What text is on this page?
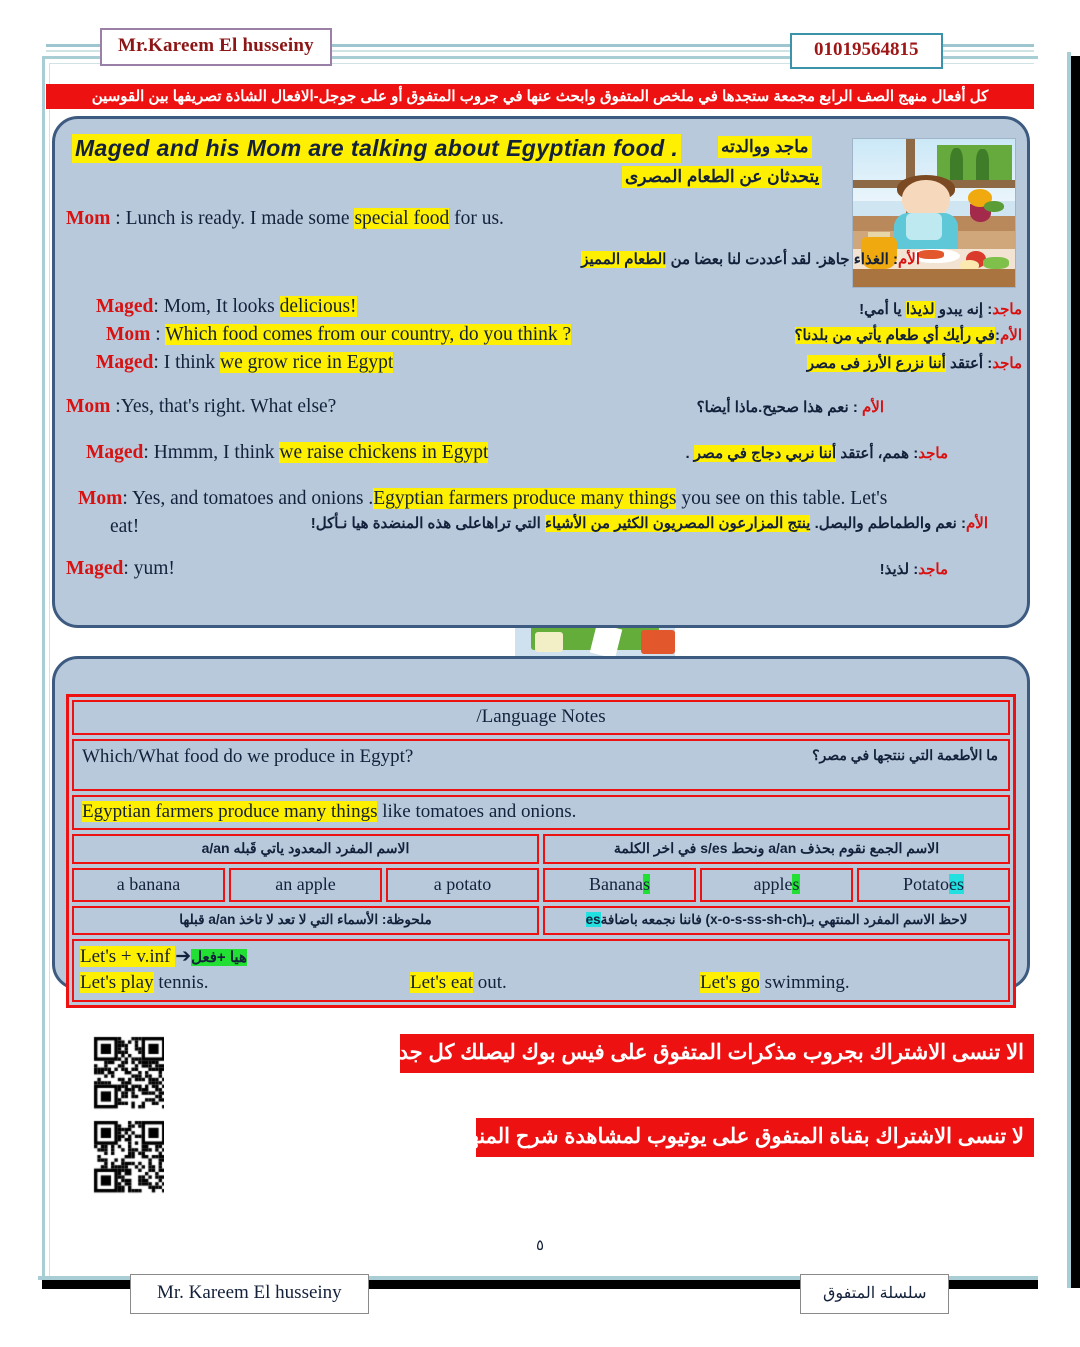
Mr.Kareem El husseiny	01019564815
كل أفعال منهج الصف الرابع مجمعة ستجدها في ملخص المتفوق وابحث عنها في جروب المتفوق أو على جوجل-الافعال الشاذة تصريفها بين القوسين
Maged and his Mom are talking about Egyptian food .	ماجد ووالدته
يتحدثان عن الطعام المصرى
Mom : Lunch is ready. I made some special food for us.
الأم: الغذاء جاهز. لقد أعددت لنا بعضا من الطعام المميز
Maged: Mom, It looks delicious!	ماجد: إنه يبدو لذيذا يا أمي!
Mom : Which food comes from our country, do you think ?	الأم:في رأيك أي طعام يأتي من بلدنا؟
Maged: I think we grow rice in Egypt	ماجد: أعتقد أننا نزرع الأرز فى مصر
Mom :Yes, that's right. What else?	الأم : نعم هذا صحيح.ماذا أيضا؟
Maged: Hmmm, I think we raise chickens in Egypt	ماجد: همم، أعتقد أننا نربي دجاج في مصر .
Mom: Yes, and tomatoes and onions .Egyptian farmers produce many things you see on this table. Let's
eat!	الأم: نعم والطماطم والبصل. ينتج المزارعون المصريون الكثير من الأشياء التي تراهاعلى هذه المنضدة هيا نـأكل!
Maged: yum!	ماجد: لذيذ!
/Language Notes
Which/What food do we produce in Egypt?	ما الأطعمة التي ننتجها في مصر؟
Egyptian farmers produce many things like tomatoes and onions.
الاسم المفرد المعدود ياتي قَبله a/an	الاسم الجمع نقوم بحذف a/an ونحط s/es في اخر الكلمة
a banana	an apple	a potato	Bananas	apples	Potatoes
ملحوظة: الأسماء التي لا تعد لا تاخذ a/an قبلها	لاحظ الاسم المفرد المنتهي بـ(x-o-s-ss-sh-ch) فاننا نجمعه باضافةes
Let's + v.inf ➔هيا +فعل
Let's play tennis.	Let's eat out.	Let's go swimming.
الا تنسى الاشتراك بجروب مذكرات المتفوق على فيس بوك ليصلك كل جديد
لا تنسى الاشتراك بقناة المتفوق على يوتيوب لمشاهدة شرح المنهج
٥
Mr. Kareem El husseiny	سلسلة المتفوق
